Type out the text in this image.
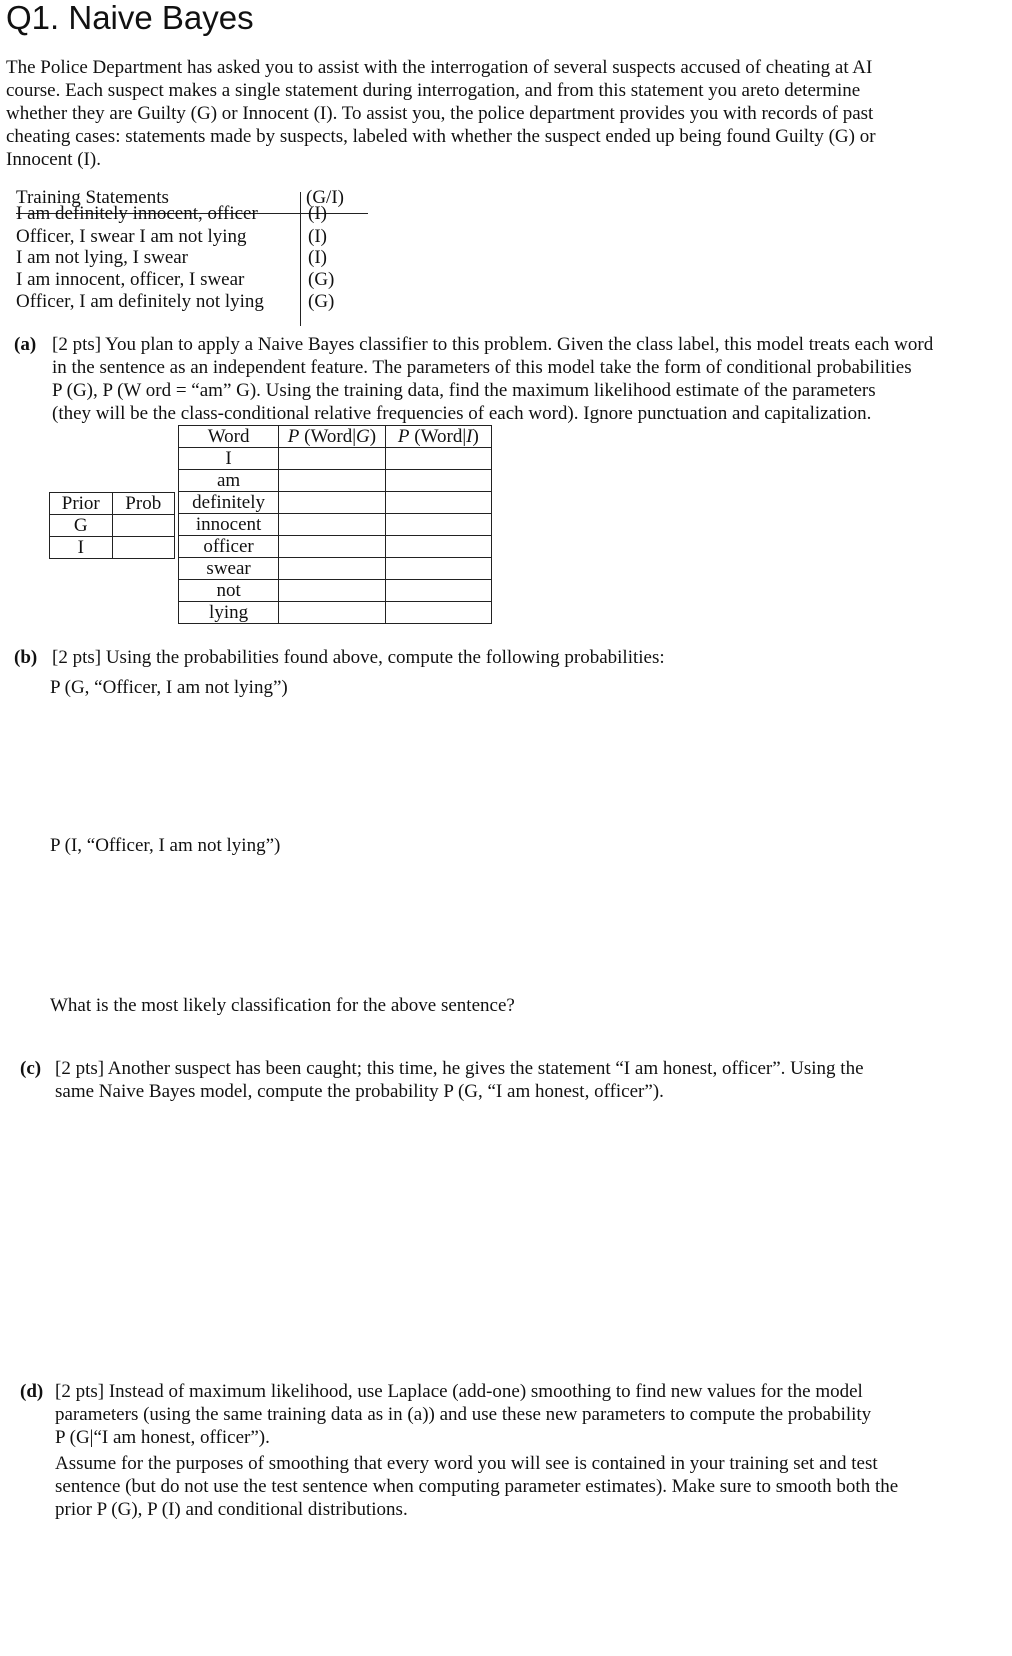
Q1. Naive Bayes
The Police Department has asked you to assist with the interrogation of several suspects accused of cheating at AI
course. Each suspect makes a single statement during interrogation, and from this statement you areto determine
whether they are Guilty (G) or Innocent (I). To assist you, the police department provides you with records of past
cheating cases: statements made by suspects, labeled with whether the suspect ended up being found Guilty (G) or
Innocent (I).
Training Statements	(G/I)
I am definitely innocent, officer	(I)
Officer, I swear I am not lying	(I)
I am not lying, I swear	(I)
I am innocent, officer, I swear	(G)
Officer, I am definitely not lying (G)
(a) [2 pts] You plan to apply a Naive Bayes classifier to this problem. Given the class label, this model treats each word
in the sentence as an independent feature. The parameters of this model take the form of conditional probabilities
P (G), P (W ord = “am” G). Using the training data, find the maximum likelihood estimate of the parameters
(they will be the class-conditional relative frequencies of each word). Ignore punctuation and capitalization.
Prior	Prob
G	
I	
Word	P (Word|G)	P (Word|I)
I		
am		
definitely		
innocent		
officer		
swear		
not		
lying		
(b) [2 pts] Using the probabilities found above, compute the following probabilities:
P (G, “Officer, I am not lying”)
P (I, “Officer, I am not lying”)
What is the most likely classification for the above sentence?
(c) [2 pts] Another suspect has been caught; this time, he gives the statement “I am honest, officer”. Using the
same Naive Bayes model, compute the probability P (G, “I am honest, officer”).
(d) [2 pts] Instead of maximum likelihood, use Laplace (add-one) smoothing to find new values for the model
parameters (using the same training data as in (a)) and use these new parameters to compute the probability
P (G|“I am honest, officer”).
Assume for the purposes of smoothing that every word you will see is contained in your training set and test
sentence (but do not use the test sentence when computing parameter estimates). Make sure to smooth both the
prior P (G), P (I) and conditional distributions.
